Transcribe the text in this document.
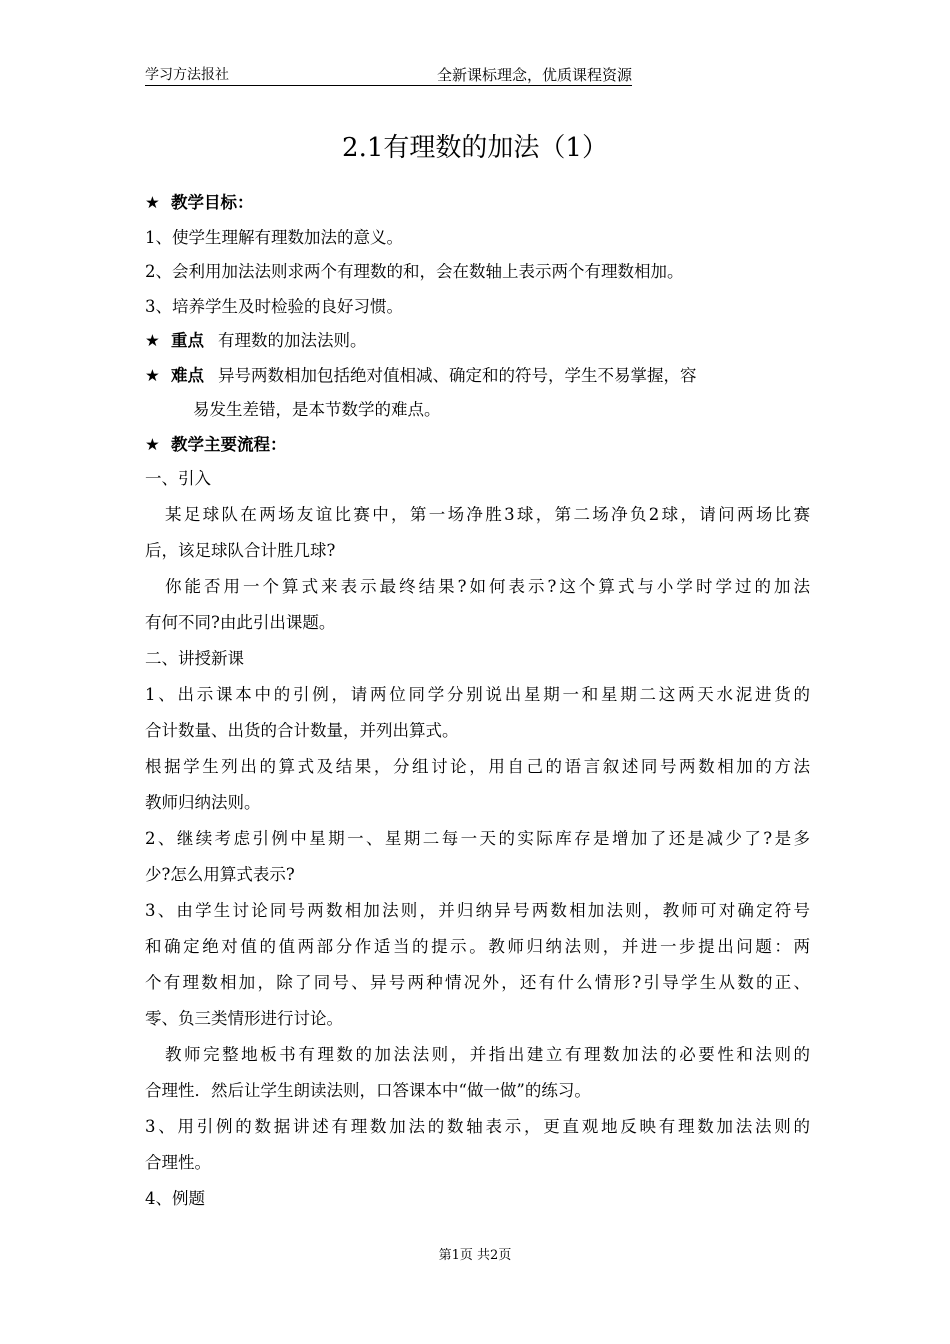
学习方法报社	全新课标理念，优质课程资源
2.1有理数的加法（1）
★ 教学目标：
1、使学生理解有理数加法的意义。
2、会利用加法法则求两个有理数的和，会在数轴上表示两个有理数相加。
3、培养学生及时检验的良好习惯。
★ 重点 有理数的加法法则。
★ 难点 异号两数相加包括绝对值相减、确定和的符号，学生不易掌握，容
易发生差错，是本节数学的难点。
★ 教学主要流程：
一、引入
某足球队在两场友谊比赛中，第一场净胜3球，第二场净负2球，请问两场比赛
后，该足球队合计胜几球?
你能否用一个算式来表示最终结果?如何表示?这个算式与小学时学过的加法
有何不同?由此引出课题。
二、讲授新课
1、出示课本中的引例，请两位同学分别说出星期一和星期二这两天水泥进货的
合计数量、出货的合计数量，并列出算式。
根据学生列出的算式及结果，分组讨论，用自己的语言叙述同号两数相加的方法
教师归纳法则。
2、继续考虑引例中星期一、星期二每一天的实际库存是增加了还是减少了?是多
少?怎么用算式表示?
3、由学生讨论同号两数相加法则，并归纳异号两数相加法则，教师可对确定符号
和确定绝对值的值两部分作适当的提示。教师归纳法则，并进一步提出问题：两
个有理数相加，除了同号、异号两种情况外，还有什么情形?引导学生从数的正、
零、负三类情形进行讨论。
教师完整地板书有理数的加法法则，并指出建立有理数加法的必要性和法则的
合理性．然后让学生朗读法则，口答课本中“做一做”的练习。
3、用引例的数据讲述有理数加法的数轴表示，更直观地反映有理数加法法则的
合理性。
4、例题
第1页 共2页
